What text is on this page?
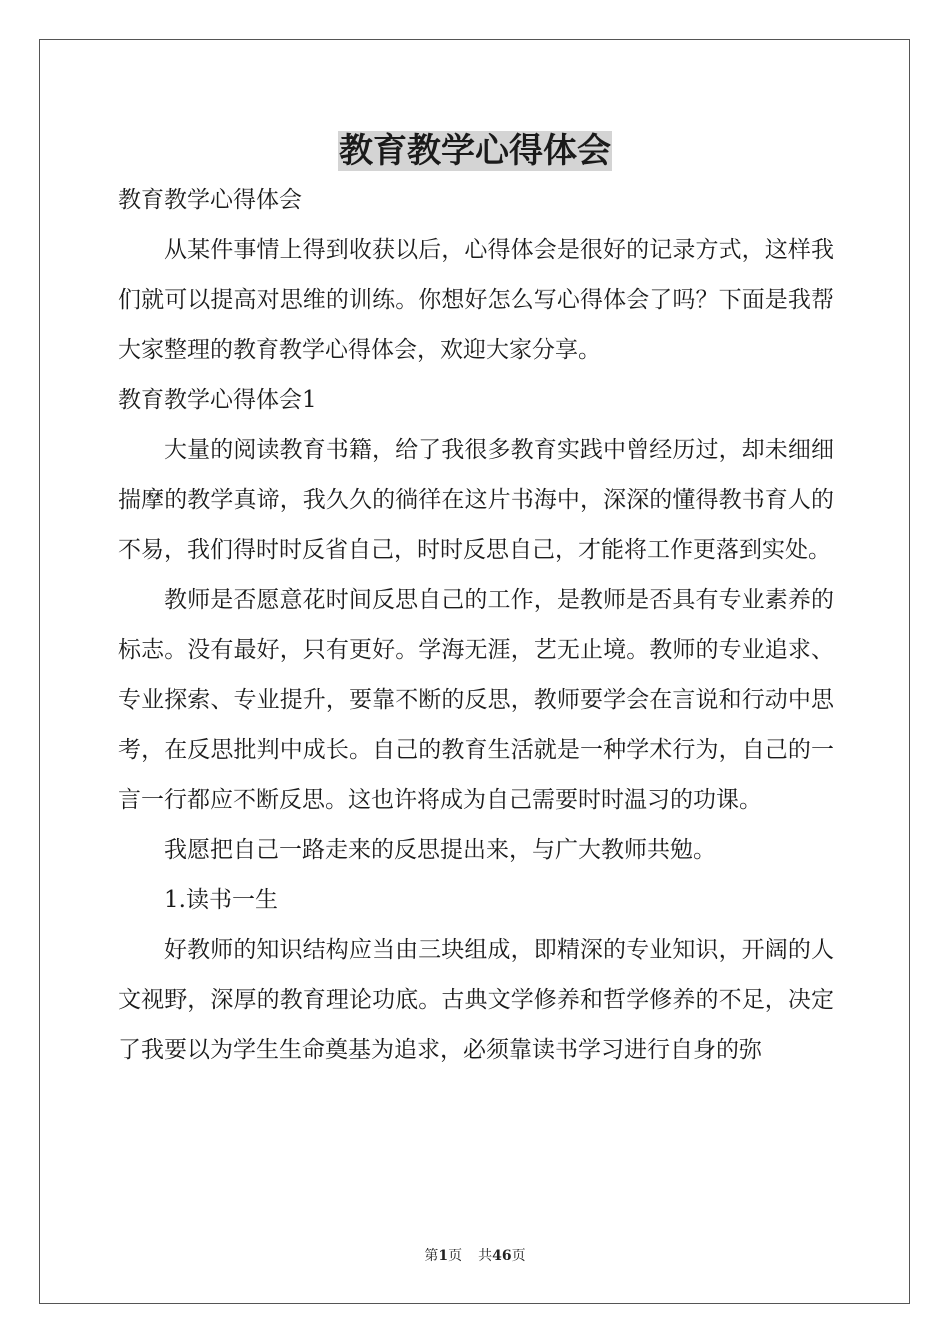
教育教学心得体会

教育教学心得体会

从某件事情上得到收获以后，心得体会是很好的记录方式，这样我们就可以提高对思维的训练。你想好怎么写心得体会了吗？下面是我帮大家整理的教育教学心得体会，欢迎大家分享。

教育教学心得体会1

大量的阅读教育书籍，给了我很多教育实践中曾经历过，却未细细揣摩的教学真谛，我久久的徜徉在这片书海中，深深的懂得教书育人的不易，我们得时时反省自己，时时反思自己，才能将工作更落到实处。

教师是否愿意花时间反思自己的工作，是教师是否具有专业素养的标志。没有最好，只有更好。学海无涯，艺无止境。教师的专业追求、专业探索、专业提升，要靠不断的反思，教师要学会在言说和行动中思考，在反思批判中成长。自己的教育生活就是一种学术行为，自己的一言一行都应不断反思。这也许将成为自己需要时时温习的功课。

我愿把自己一路走来的反思提出来，与广大教师共勉。

1.读书一生

好教师的知识结构应当由三块组成，即精深的专业知识，开阔的人文视野，深厚的教育理论功底。古典文学修养和哲学修养的不足，决定了我要以为学生生命奠基为追求，必须靠读书学习进行自身的弥

第1页 共46页
